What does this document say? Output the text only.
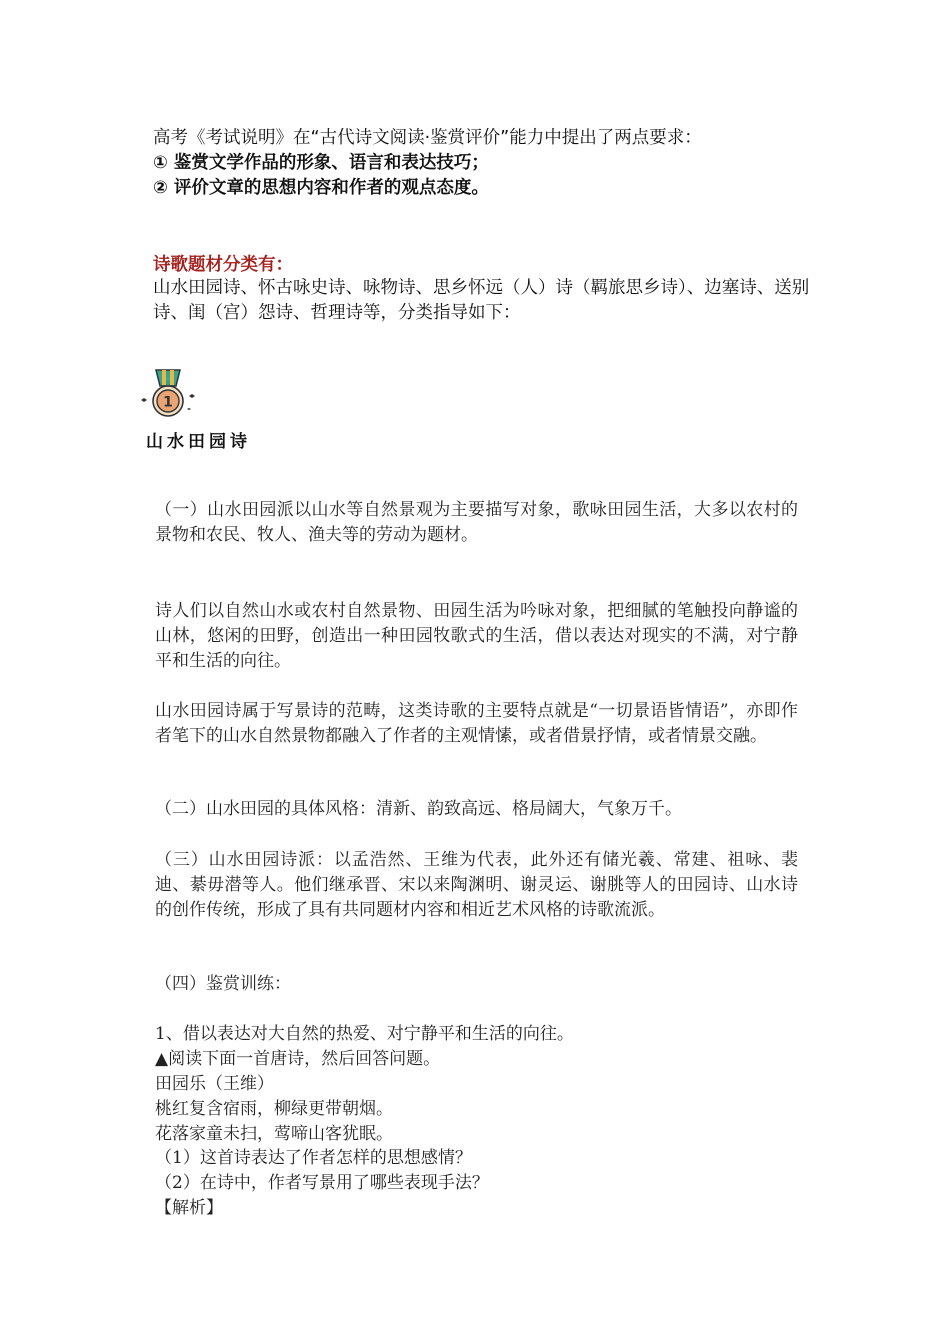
高考《考试说明》在“古代诗文阅读·鉴赏评价”能力中提出了两点要求：
① 鉴赏文学作品的形象、语言和表达技巧；
② 评价文章的思想内容和作者的观点态度。
诗歌题材分类有：
山水田园诗、怀古咏史诗、咏物诗、思乡怀远（人）诗（羁旅思乡诗）、边塞诗、送别诗、闺（宫）怨诗、哲理诗等，分类指导如下：
1
山水田园诗
（一）山水田园派以山水等自然景观为主要描写对象，歌咏田园生活，大多以农村的景物和农民、牧人、渔夫等的劳动为题材。
诗人们以自然山水或农村自然景物、田园生活为吟咏对象，把细腻的笔触投向静谧的山林，悠闲的田野，创造出一种田园牧歌式的生活，借以表达对现实的不满，对宁静平和生活的向往。
山水田园诗属于写景诗的范畴，这类诗歌的主要特点就是“一切景语皆情语”，亦即作者笔下的山水自然景物都融入了作者的主观情愫，或者借景抒情，或者情景交融。
（二）山水田园的具体风格：清新、韵致高远、格局阔大，气象万千。
（三）山水田园诗派：以孟浩然、王维为代表，此外还有储光羲、常建、祖咏、裴迪、綦毋潜等人。他们继承晋、宋以来陶渊明、谢灵运、谢朓等人的田园诗、山水诗的创作传统，形成了具有共同题材内容和相近艺术风格的诗歌流派。
（四）鉴赏训练：
1、借以表达对大自然的热爱、对宁静平和生活的向往。
▲阅读下面一首唐诗，然后回答问题。
田园乐（王维）
桃红复含宿雨，柳绿更带朝烟。
花落家童未扫，莺啼山客犹眠。
（1）这首诗表达了作者怎样的思想感情？
（2）在诗中，作者写景用了哪些表现手法？
【解析】
